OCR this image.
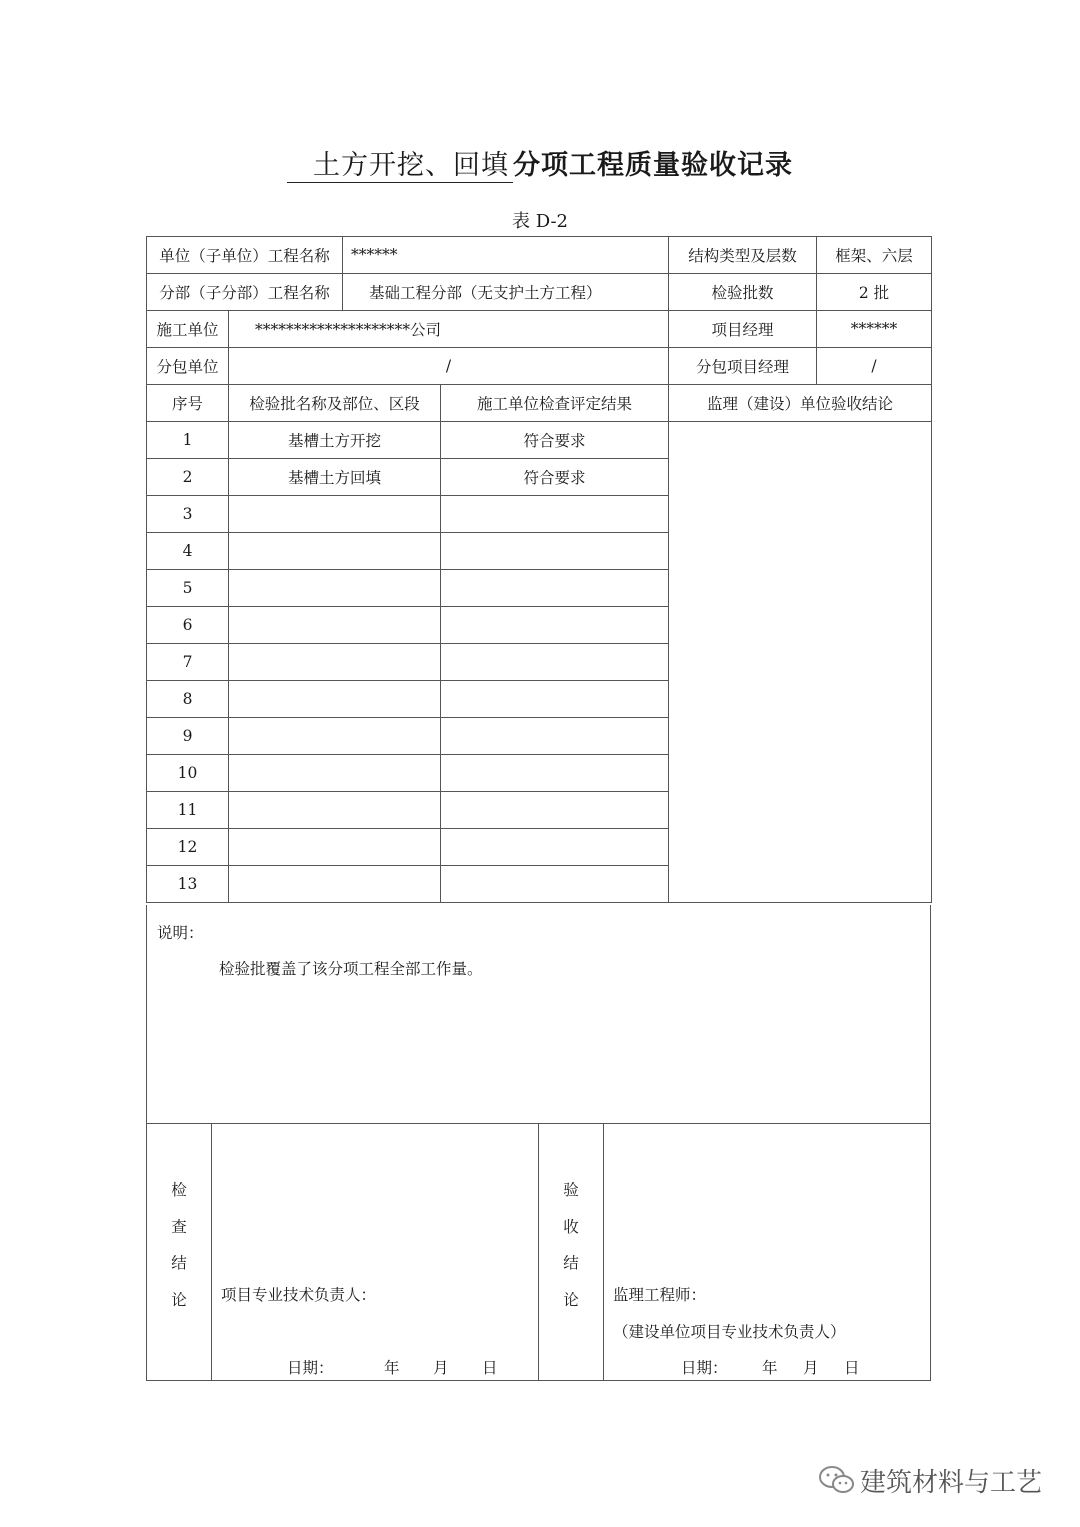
土方开挖、回填 分项工程质量验收记录
表 D-2
单位（子单位）工程名称		******		结构类型及层数	框架、六层
分部（子分部）工程名称		基础工程分部（无支护土方工程）		检验批数	2 批
施工单位	********************公司			项目经理	******
分包单位	/			分包项目经理	/
序号	检验批名称及部位、区段		施工单位检查评定结果	监理（建设）单位验收结论	
1	基槽土方开挖		符合要求		
2	基槽土方回填		符合要求		
3					
4					
5					
6					
7					
8					
9					
10					
11					
12					
13					
说明：
检验批覆盖了该分项工程全部工作量。
检
查
结
论	项目专业技术负责人：
日期：	年 月 日
验
收
结
论	监理工程师：
（建设单位项目专业技术负责人）
日期： 年 月 日
建筑材料与工艺
